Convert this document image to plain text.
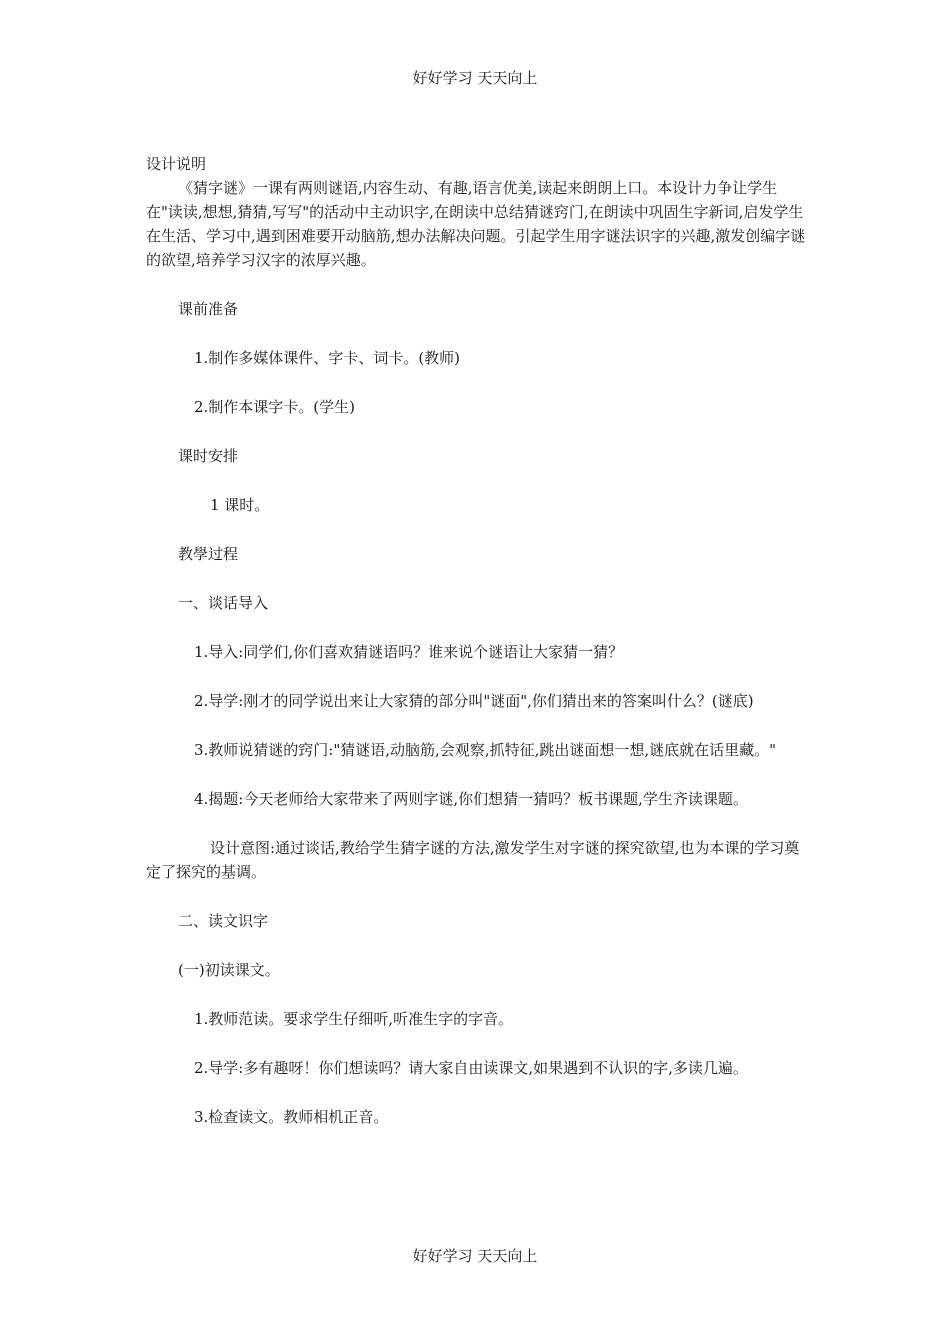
好好学习 天天向上

设计说明

《猜字谜》一课有两则谜语,内容生动、有趣,语言优美,读起来朗朗上口。本设计力争让学生在"读读,想想,猜猜,写写"的活动中主动识字,在朗读中总结猜谜窍门,在朗读中巩固生字新词,启发学生在生活、学习中,遇到困难要开动脑筋,想办法解决问题。引起学生用字谜法识字的兴趣,激发创编字谜的欲望,培养学习汉字的浓厚兴趣。

课前准备

1.制作多媒体课件、字卡、词卡。(教师)

2.制作本课字卡。(学生)

课时安排

1 课时。

教學过程

一、谈话导入

1.导入:同学们,你们喜欢猜谜语吗？谁来说个谜语让大家猜一猜？

2.导学:刚才的同学说出来让大家猜的部分叫"谜面",你们猜出来的答案叫什么？(谜底)

3.教师说猜谜的窍门:"猜谜语,动脑筋,会观察,抓特征,跳出谜面想一想,谜底就在话里藏。"

4.揭题:今天老师给大家带来了两则字谜,你们想猜一猜吗？板书课题,学生齐读课题。

设计意图:通过谈话,教给学生猜字谜的方法,激发学生对字谜的探究欲望,也为本课的学习奠定了探究的基调。

二、读文识字

(一)初读课文。

1.教师范读。要求学生仔细听,听准生字的字音。

2.导学:多有趣呀！你们想读吗？请大家自由读课文,如果遇到不认识的字,多读几遍。

3.检查读文。教师相机正音。

好好学习 天天向上
